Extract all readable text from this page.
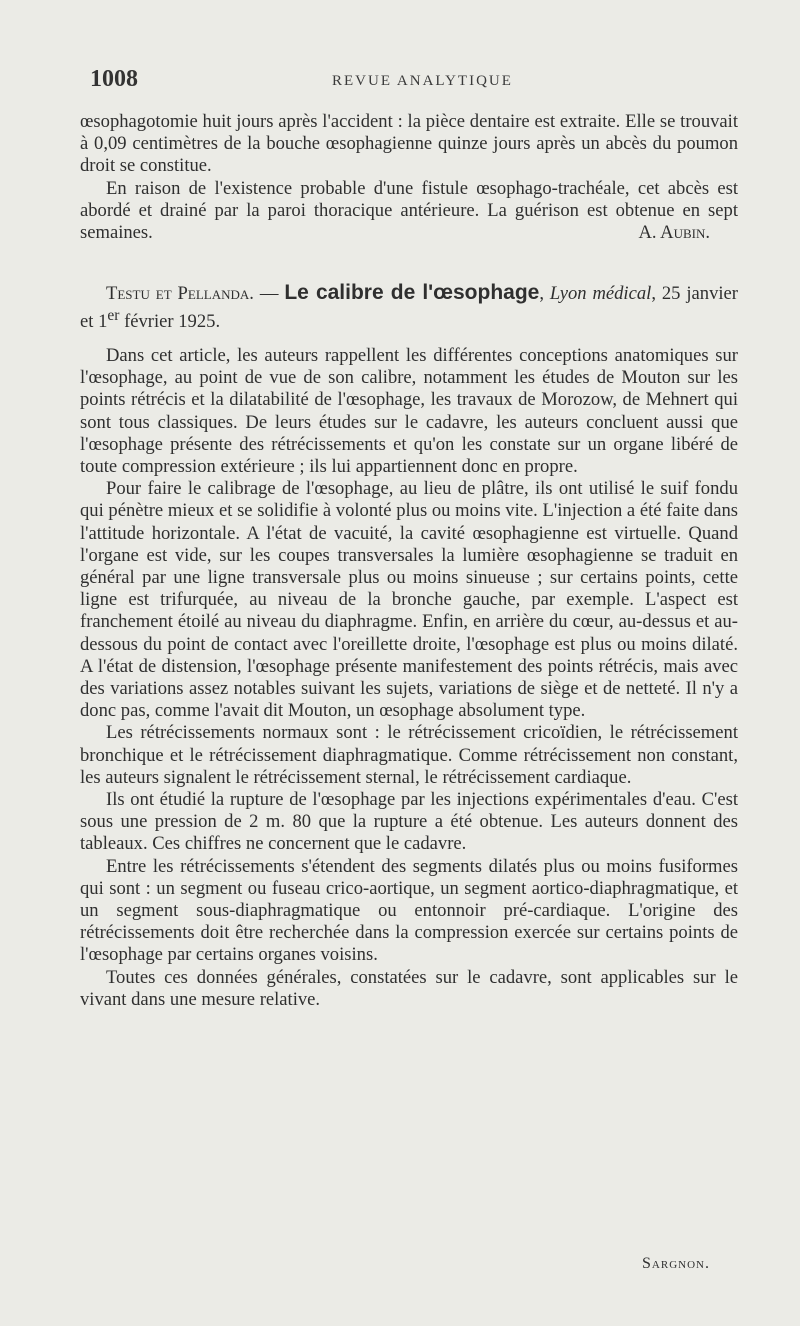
1008	REVUE ANALYTIQUE

œsophagotomie huit jours après l'accident : la pièce dentaire est extraite. Elle se trouvait à 0,09 centimètres de la bouche œsophagienne quinze jours après un abcès du poumon droit se constitue.

En raison de l'existence probable d'une fistule œsophago-trachéale, cet abcès est abordé et drainé par la paroi thoracique antérieure. La guérison est obtenue en sept semaines.	A. Aubin.

Testu et Pellanda. — Le calibre de l'œsophage, Lyon médical, 25 janvier et 1er février 1925.

Dans cet article, les auteurs rappellent les différentes conceptions anatomiques sur l'œsophage, au point de vue de son calibre, notamment les études de Mouton sur les points rétrécis et la dilatabilité de l'œsophage, les travaux de Morozow, de Mehnert qui sont tous classiques. De leurs études sur le cadavre, les auteurs concluent aussi que l'œsophage présente des rétrécissements et qu'on les constate sur un organe libéré de toute compression extérieure ; ils lui appartiennent donc en propre.

Pour faire le calibrage de l'œsophage, au lieu de plâtre, ils ont utilisé le suif fondu qui pénètre mieux et se solidifie à volonté plus ou moins vite. L'injection a été faite dans l'attitude horizontale. A l'état de vacuité, la cavité œsophagienne est virtuelle. Quand l'organe est vide, sur les coupes transversales la lumière œsophagienne se traduit en général par une ligne transversale plus ou moins sinueuse ; sur certains points, cette ligne est trifurquée, au niveau de la bronche gauche, par exemple. L'aspect est franchement étoilé au niveau du diaphragme. Enfin, en arrière du cœur, au-dessus et au-dessous du point de contact avec l'oreillette droite, l'œsophage est plus ou moins dilaté. A l'état de distension, l'œsophage présente manifestement des points rétrécis, mais avec des variations assez notables suivant les sujets, variations de siège et de netteté. Il n'y a donc pas, comme l'avait dit Mouton, un œsophage absolument type.

Les rétrécissements normaux sont : le rétrécissement cricoïdien, le rétrécissement bronchique et le rétrécissement diaphragmatique. Comme rétrécissement non constant, les auteurs signalent le rétrécissement sternal, le rétrécissement cardiaque.

Ils ont étudié la rupture de l'œsophage par les injections expérimentales d'eau. C'est sous une pression de 2 m. 80 que la rupture a été obtenue. Les auteurs donnent des tableaux. Ces chiffres ne concernent que le cadavre.

Entre les rétrécissements s'étendent des segments dilatés plus ou moins fusiformes qui sont : un segment ou fuseau crico-aortique, un segment aortico-diaphragmatique, et un segment sous-diaphragmatique ou entonnoir pré-cardiaque. L'origine des rétrécissements doit être recherchée dans la compression exercée sur certains points de l'œsophage par certains organes voisins.

Toutes ces données générales, constatées sur le cadavre, sont applicables sur le vivant dans une mesure relative.

Sargnon.
